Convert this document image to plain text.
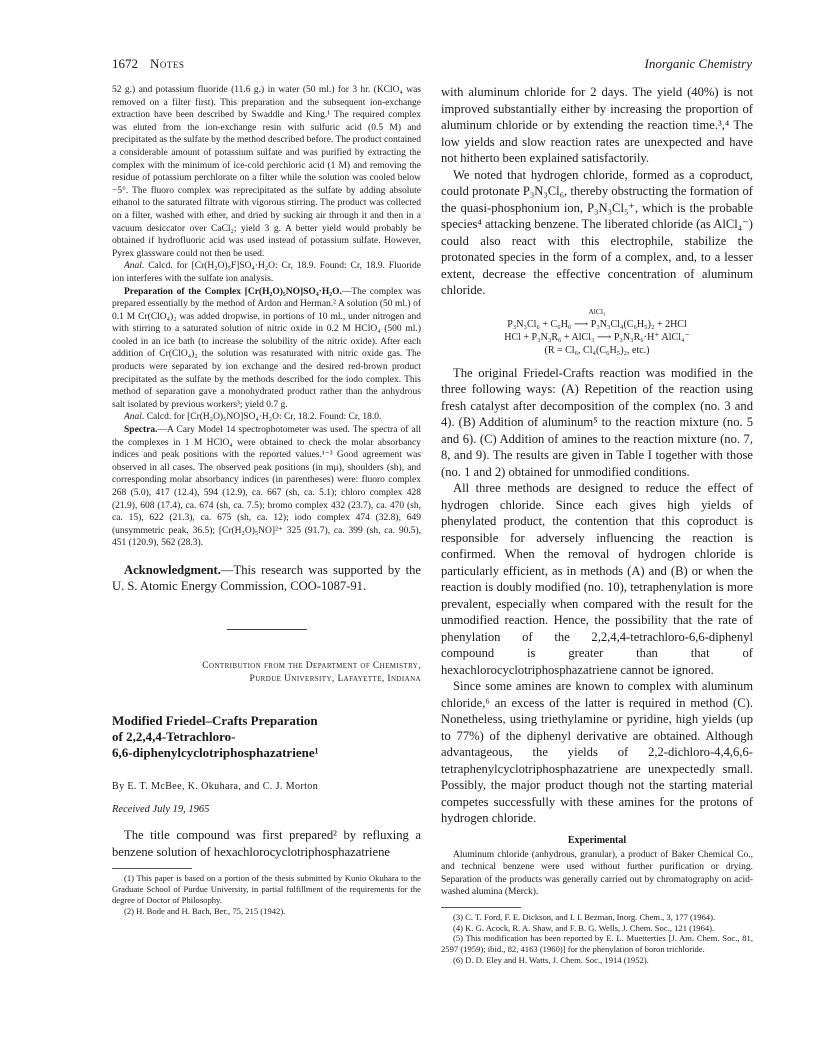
1672 Notes	Inorganic Chemistry

52 g.) and potassium fluoride (11.6 g.) in water (50 ml.) for 3 hr. (KClO₄ was removed on a filter first). This preparation and the subsequent ion-exchange extraction have been described by Swaddle and King.¹ The required complex was eluted from the ion-exchange resin with sulfuric acid (0.5 M) and precipitated as the sulfate by the method described before. The product contained a considerable amount of potassium sulfate and was purified by extracting the complex with the minimum of ice-cold perchloric acid (1 M) and removing the residue of potassium perchlorate on a filter while the solution was cooled below −5°. The fluoro complex was reprecipitated as the sulfate by adding absolute ethanol to the saturated filtrate with vigorous stirring. The product was collected on a filter, washed with ether, and dried by sucking air through it and then in a vacuum desiccator over CaCl₂; yield 3 g. A better yield would probably be obtained if hydrofluoric acid was used instead of potassium sulfate. However, Pyrex glassware could not then be used.

Anal. Calcd. for [Cr(H₂O)₅F]SO₄·H₂O: Cr, 18.9. Found: Cr, 18.9. Fluoride ion interferes with the sulfate ion analysis.

Preparation of the Complex [Cr(H₂O)₅NO]SO₄·H₂O.—The complex was prepared essentially by the method of Ardon and Herman.² A solution (50 ml.) of 0.1 M Cr(ClO₄)₂ was added dropwise, in portions of 10 ml., under nitrogen and with stirring to a saturated solution of nitric oxide in 0.2 M HClO₄ (500 ml.) cooled in an ice bath (to increase the solubility of the nitric oxide). After each addition of Cr(ClO₄)₂ the solution was resaturated with nitric oxide gas. The products were separated by ion exchange and the desired red-brown product precipitated as the sulfate by the methods described for the iodo complex. This method of separation gave a monohydrated product rather than the anhydrous salt isolated by previous workers³; yield 0.7 g.

Anal. Calcd. for [Cr(H₂O)₅NO]SO₄·H₂O: Cr, 18.2. Found: Cr, 18.0.

Spectra.—A Cary Model 14 spectrophotometer was used. The spectra of all the complexes in 1 M HClO₄ were obtained to check the molar absorbancy indices and peak positions with the reported values.¹⁻³ Good agreement was observed in all cases. The observed peak positions (in mμ), shoulders (sh), and corresponding molar absorbancy indices (in parentheses) were: fluoro complex 268 (5.0), 417 (12.4), 594 (12.9), ca. 667 (sh, ca. 5.1); chloro complex 428 (21.9), 608 (17.4), ca. 674 (sh, ca. 7.5); bromo complex 432 (23.7), ca. 470 (sh, ca. 15), 622 (21.3), ca. 675 (sh, ca. 12); iodo complex 474 (32.8), 649 (unsymmetric peak, 36.5); [Cr(H₂O)₅NO]²⁺ 325 (91.7), ca. 399 (sh, ca. 90.5), 451 (120.9), 562 (28.3).

Acknowledgment.—This research was supported by the U. S. Atomic Energy Commission, COO-1087-91.

Contribution from the Department of Chemistry,

Purdue University, Lafayette, Indiana

Modified Friedel–Crafts Preparation
of 2,2,4,4-Tetrachloro-
6,6-diphenylcyclotriphosphazatriene¹

By E. T. McBee, K. Okuhara, and C. J. Morton

Received July 19, 1965

The title compound was first prepared² by refluxing a benzene solution of hexachlorocyclotriphosphazatriene

(1) This paper is based on a portion of the thesis submitted by Kunio Okuhara to the Graduate School of Purdue University, in partial fulfillment of the requirements for the degree of Doctor of Philosophy.

(2) H. Bode and H. Bach, Ber., 75, 215 (1942).

with aluminum chloride for 2 days. The yield (40%) is not improved substantially either by increasing the proportion of aluminum chloride or by extending the reaction time.³,⁴ The low yields and slow reaction rates are unexpected and have not hitherto been explained satisfactorily.

We noted that hydrogen chloride, formed as a coproduct, could protonate P₃N₃Cl₆, thereby obstructing the formation of the quasi-phosphonium ion, P₃N₃Cl₅⁺, which is the probable species⁴ attacking benzene. The liberated chloride (as AlCl₄⁻) could also react with this electrophile, stabilize the protonated species in the form of a complex, and, to a lesser extent, decrease the effective concentration of aluminum chloride.

AlCl₃
P₃N₃Cl₆ + C₆H₆ ⟶ P₃N₃Cl₄(C₆H₅)₂ + 2HCl
HCl + P₃N₃R₆ + AlCl₃ ⟶ P₃N₃R₆·H⁺ AlCl₄⁻
(R = Cl₆, Cl₄(C₆H₅)₂, etc.)

The original Friedel-Crafts reaction was modified in the three following ways: (A) Repetition of the reaction using fresh catalyst after decomposition of the complex (no. 3 and 4). (B) Addition of aluminum⁵ to the reaction mixture (no. 5 and 6). (C) Addition of amines to the reaction mixture (no. 7, 8, and 9). The results are given in Table I together with those (no. 1 and 2) obtained for unmodified conditions.

All three methods are designed to reduce the effect of hydrogen chloride. Since each gives high yields of phenylated product, the contention that this coproduct is responsible for adversely influencing the reaction is confirmed. When the removal of hydrogen chloride is particularly efficient, as in methods (A) and (B) or when the reaction is doubly modified (no. 10), tetraphenylation is more prevalent, especially when compared with the result for the unmodified reaction. Hence, the possibility that the rate of phenylation of the 2,2,4,4-tetrachloro-6,6-diphenyl compound is greater than that of hexachlorocyclotriphosphazatriene cannot be ignored.

Since some amines are known to complex with aluminum chloride,⁶ an excess of the latter is required in method (C). Nonetheless, using triethylamine or pyridine, high yields (up to 77%) of the diphenyl derivative are obtained. Although advantageous, the yields of 2,2-dichloro-4,4,6,6-tetraphenylcyclotriphosphazatriene are unexpectedly small. Possibly, the major product though not the starting material competes successfully with these amines for the protons of hydrogen chloride.

Experimental

Aluminum chloride (anhydrous, granular), a product of Baker Chemical Co., and technical benzene were used without further purification or drying. Separation of the products was generally carried out by chromatography on acid-washed alumina (Merck).

(3) C. T. Ford, F. E. Dickson, and I. I. Bezman, Inorg. Chem., 3, 177 (1964).

(4) K. G. Acock, R. A. Shaw, and F. B. G. Wells, J. Chem. Soc., 121 (1964).

(5) This modification has been reported by E. L. Muetterties [J. Am. Chem. Soc., 81, 2597 (1959); ibid., 82, 4163 (1960)] for the phenylation of boron trichloride.

(6) D. D. Eley and H. Watts, J. Chem. Soc., 1914 (1952).
